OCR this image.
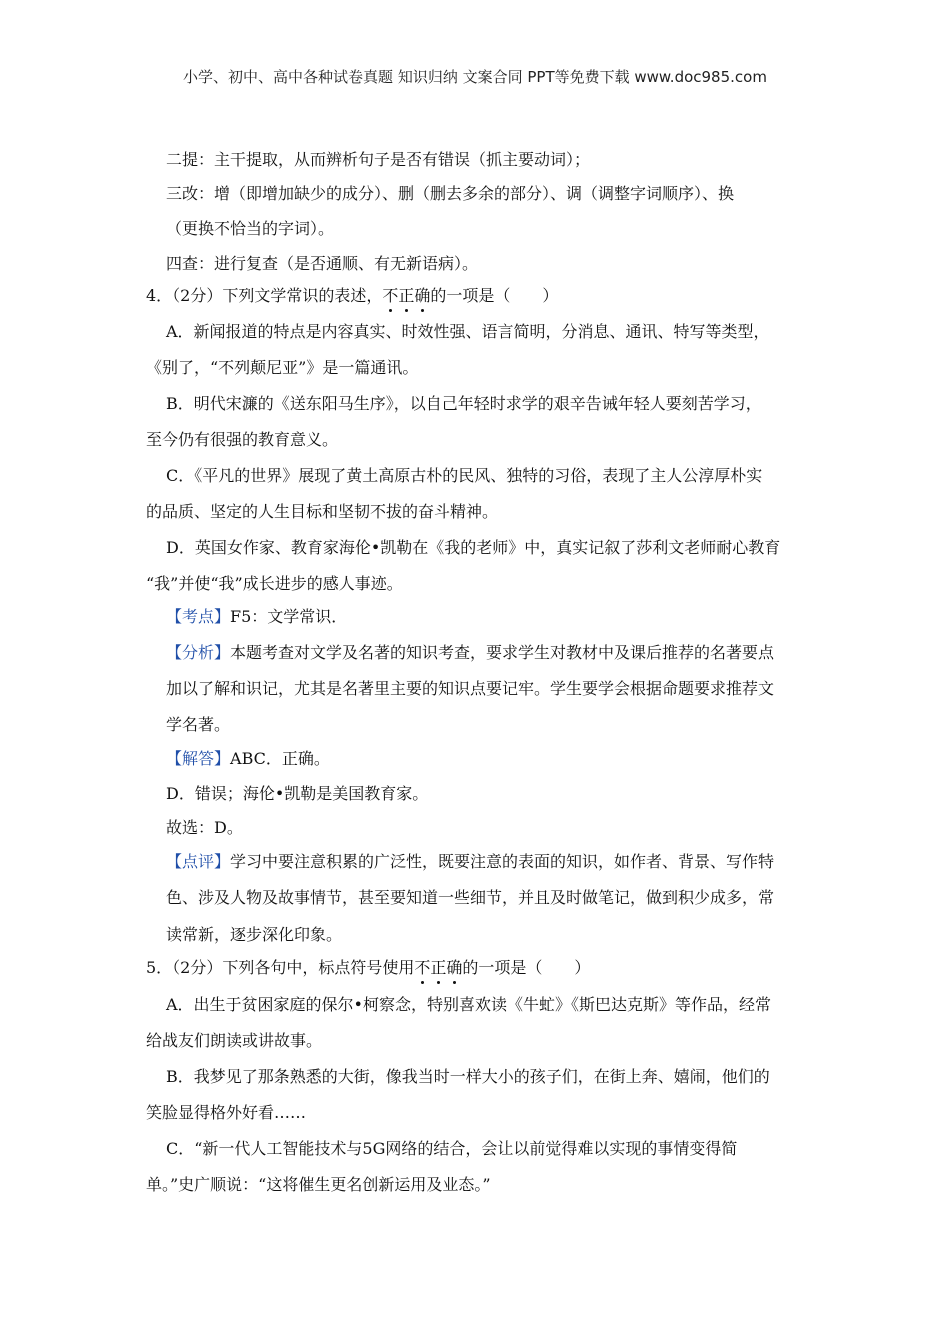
小学、初中、高中各种试卷真题 知识归纳 文案合同 PPT等免费下载 www.doc985.com
二提：主干提取，从而辨析句子是否有错误（抓主要动词）；
三改：增（即增加缺少的成分）、删（删去多余的部分）、调（调整字词顺序）、换
（更换不恰当的字词）。
四查：进行复查（是否通顺、有无新语病）。
4．（2分）下列文学常识的表述，不正确的一项是（　　）
A．新闻报道的特点是内容真实、时效性强、语言简明，分消息、通讯、特写等类型，
《别了，“不列颠尼亚”》是一篇通讯。
B．明代宋濂的《送东阳马生序》，以自己年轻时求学的艰辛告诫年轻人要刻苦学习，
至今仍有很强的教育意义。
C．《平凡的世界》展现了黄土高原古朴的民风、独特的习俗，表现了主人公淳厚朴实
的品质、坚定的人生目标和坚韧不拔的奋斗精神。
D．英国女作家、教育家海伦•凯勒在《我的老师》中，真实记叙了莎利文老师耐心教育
“我”并使“我”成长进步的感人事迹。
【考点】F5：文学常识．
【分析】本题考查对文学及名著的知识考查，要求学生对教材中及课后推荐的名著要点
加以了解和识记，尤其是名著里主要的知识点要记牢。学生要学会根据命题要求推荐文
学名著。
【解答】ABC．正确。
D．错误；海伦•凯勒是美国教育家。
故选：D。
【点评】学习中要注意积累的广泛性，既要注意的表面的知识，如作者、背景、写作特
色、涉及人物及故事情节，甚至要知道一些细节，并且及时做笔记，做到积少成多，常
读常新，逐步深化印象。
5．（2分）下列各句中，标点符号使用不正确的一项是（　　）
A．出生于贫困家庭的保尔•柯察念，特别喜欢读《牛虻》《斯巴达克斯》等作品，经常
给战友们朗读或讲故事。
B．我梦见了那条熟悉的大街，像我当时一样大小的孩子们，在街上奔、嬉闹，他们的
笑脸显得格外好看……
C．“新一代人工智能技术与5G网络的结合，会让以前觉得难以实现的事情变得简
单。”史广顺说：“这将催生更名创新运用及业态。”
